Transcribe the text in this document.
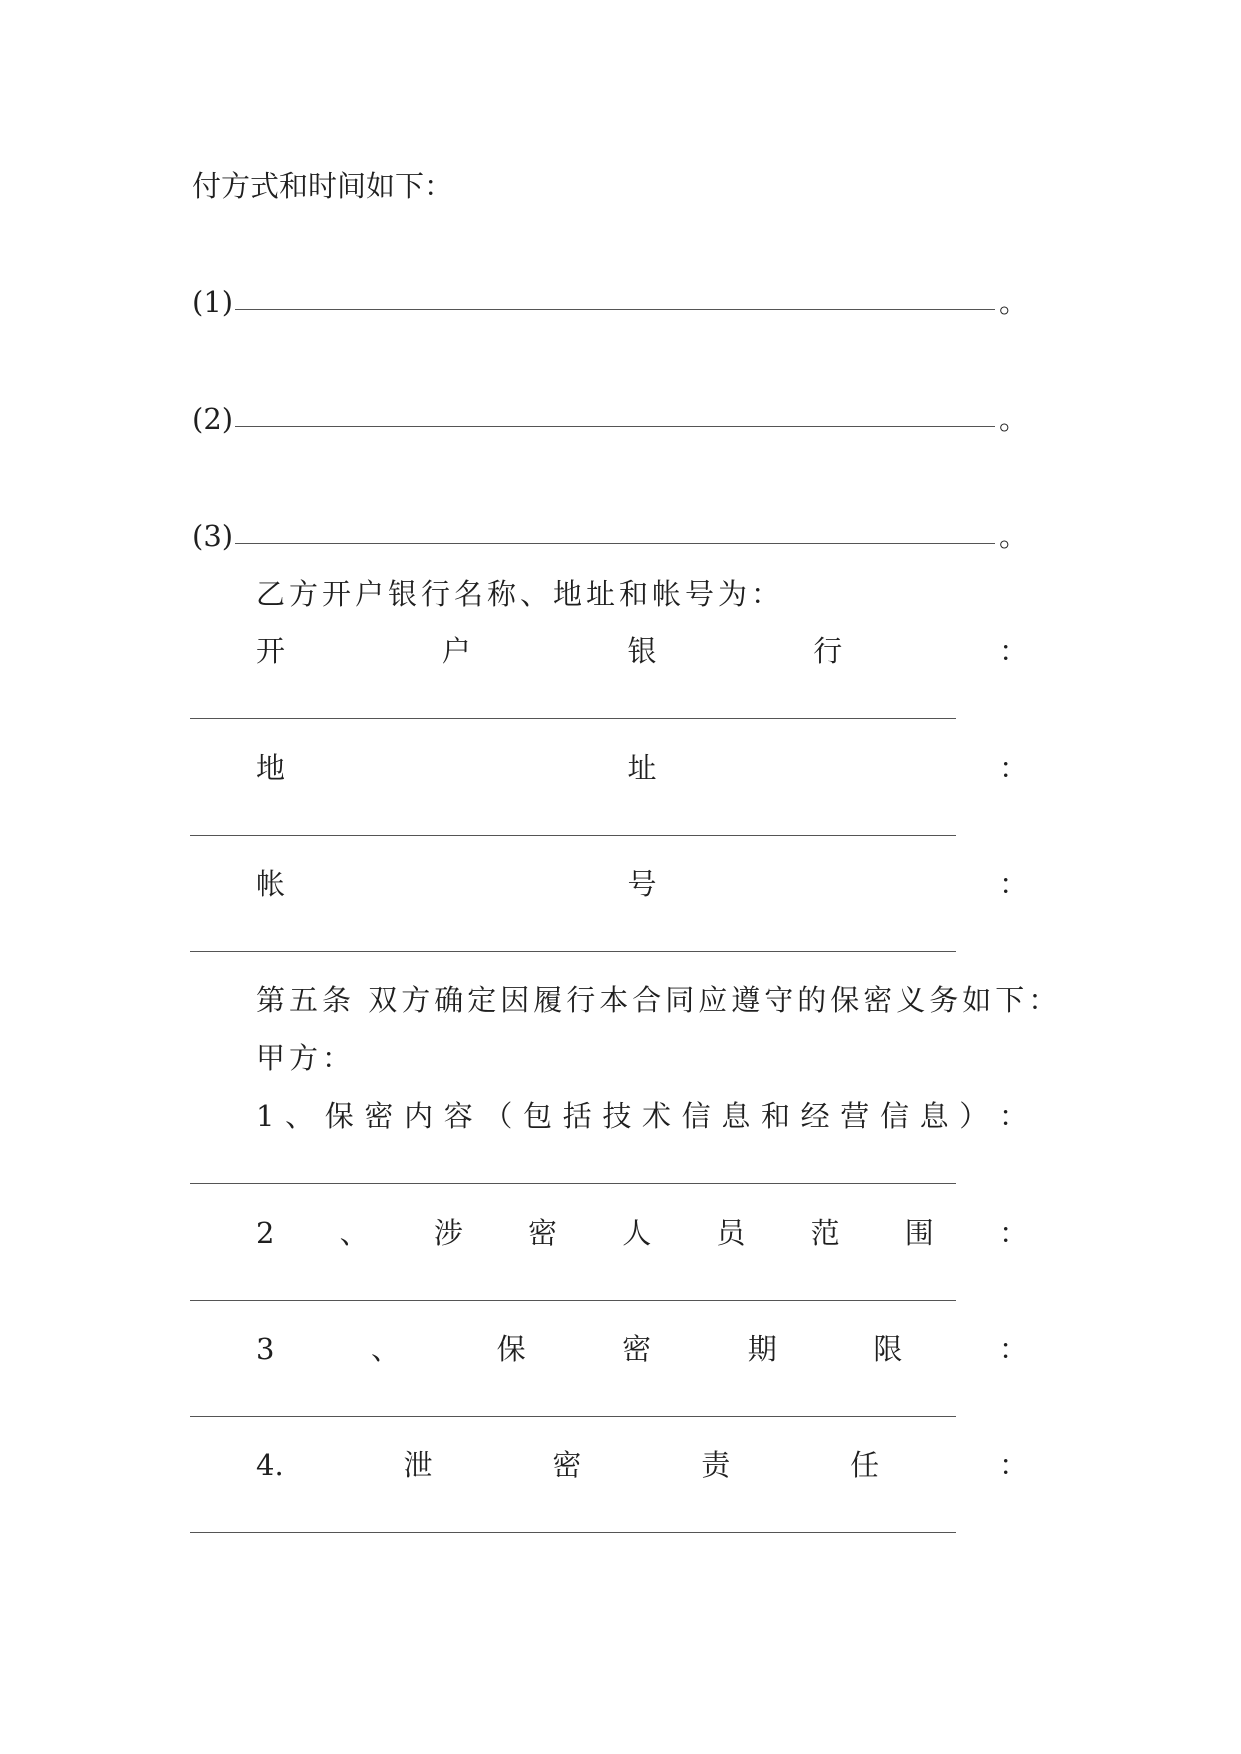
付方式和时间如下：
(1)	。
(2)	。
(3)	。
乙方开户银行名称、地址和帐号为：
开	户	银	行	：
地	址	：
帐	号	：
第五条 双方确定因履行本合同应遵守的保密义务如下：
甲方：
1 、 保 密 内 容 （ 包 括 技 术 信 息 和 经 营 信 息 ） ：
2 、 涉 密 人 员 范 围 ：
3	、	保	密	期	限	：
4.	泄	密	责	任	：
